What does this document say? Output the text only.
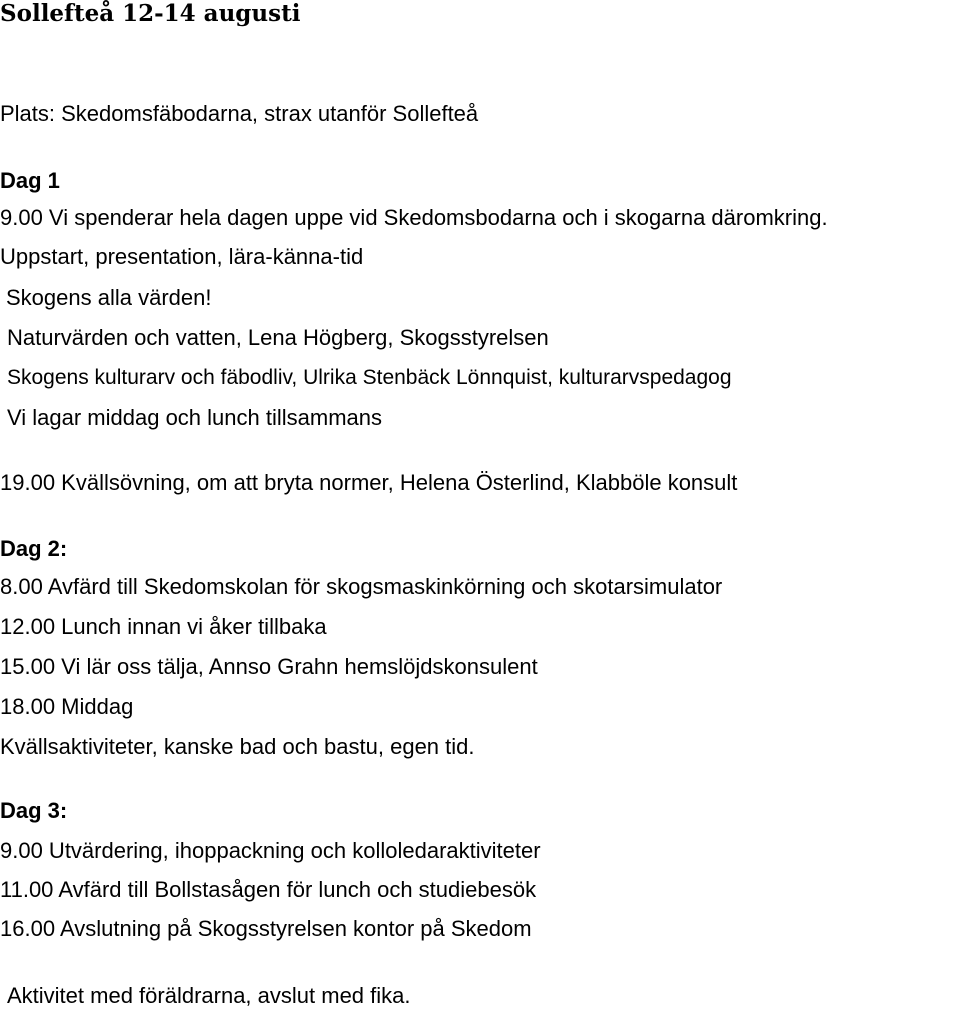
Sollefteå 12-14 augusti
Plats: Skedomsfäbodarna, strax utanför Sollefteå
Dag 1
9.00 Vi spenderar hela dagen uppe vid Skedomsbodarna och i skogarna däromkring.
Uppstart, presentation, lära-känna-tid
Skogens alla värden!
Naturvärden och vatten, Lena Högberg, Skogsstyrelsen
Skogens kulturarv och fäbodliv, Ulrika Stenbäck Lönnquist, kulturarvspedagog
Vi lagar middag och lunch tillsammans
19.00 Kvällsövning, om att bryta normer, Helena Österlind, Klabböle konsult
Dag 2:
8.00 Avfärd till Skedomskolan för skogsmaskinkörning och skotarsimulator
12.00 Lunch innan vi åker tillbaka
15.00 Vi lär oss tälja, Annso Grahn hemslöjdskonsulent
18.00 Middag
Kvällsaktiviteter, kanske bad och bastu, egen tid.
Dag 3:
9.00 Utvärdering, ihoppackning och kolloledaraktiviteter
11.00 Avfärd till Bollstasågen för lunch och studiebesök
16.00 Avslutning på Skogsstyrelsen kontor på Skedom
Aktivitet med föräldrarna, avslut med fika.
